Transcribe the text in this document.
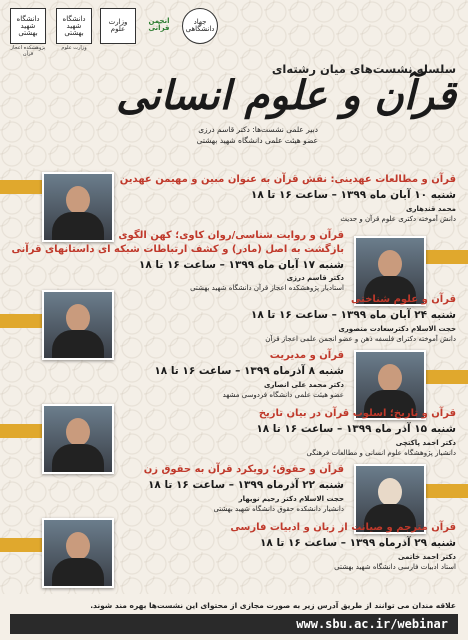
دانشگاه شهید بهشتی
پژوهشکده اعجاز قرآن
دانشگاه شهید بهشتی
وزارت علوم
وزارت علوم
انجمن قرآنی
جهاد دانشگاهی
سلسله نشست‌های میان رشته‌ای
قرآن و علوم انسانی
دبیر علمی نشست‌ها: دکتر قاسم درزی
عضو هیئت علمی دانشگاه شهید بهشتی
قرآن و مطالعات عهدینی: نقش قرآن به عنوان مبین و مهیمن عهدین
شنبه ۱۰ آبان ماه ۱۳۹۹ – ساعت ۱۶ تا ۱۸
محمد قندهاری
دانش آموخته دکتری علوم قرآن و حدیث
قرآن و روایت شناسی/روان کاوی؛ کهن الگوی
بازگشت به اصل (مادر) و کشف ارتباطات شبکه ای داستانهای قرآنی
شنبه ۱۷ آبان ماه ۱۳۹۹ – ساعت ۱۶ تا ۱۸
دکتر قاسم درزی
استادیار پژوهشکده اعجاز قرآن دانشگاه شهید بهشتی
قرآن و علوم شناختی
شنبه ۲۴ آبان ماه ۱۳۹۹ – ساعت ۱۶ تا ۱۸
حجت الاسلام دکترسعادت منصوری
دانش آموخته دکترای فلسفه ذهن و عضو انجمن علمی اعجاز قرآن
قرآن و مدیریت
شنبه ۸ آذرماه ۱۳۹۹ – ساعت ۱۶ تا ۱۸
دکتر محمد علی انصاری
عضو هیئت علمی دانشگاه فردوسی مشهد
قرآن و تاریخ؛ اسلوب قرآن در بیان تاریخ
شنبه ۱۵ آذر ماه ۱۳۹۹ – ساعت ۱۶ تا ۱۸
دکتر احمد پاکتچی
دانشیار پژوهشگاه علوم انسانی و مطالعات فرهنگی
قرآن و حقوق؛ رویکرد قرآن به حقوق زن
شنبه ۲۲ آذرماه ۱۳۹۹ – ساعت ۱۶ تا ۱۸
حجت الاسلام دکتر رحیم نوبهار
دانشیار دانشکده حقوق دانشگاه شهید بهشتی
قرآن مترجم و صیانت از زبان و ادبیات فارسی
شنبه ۲۹ آذرماه ۱۳۹۹ – ساعت ۱۶ تا ۱۸
دکتر احمد خاتمی
استاد ادبیات فارسی دانشگاه شهید بهشتی
علاقه مندان می توانند از طریق آدرس زیر به صورت مجازی از محتوای این نشست‌ها بهره مند شوند.
www.sbu.ac.ir/webinar
